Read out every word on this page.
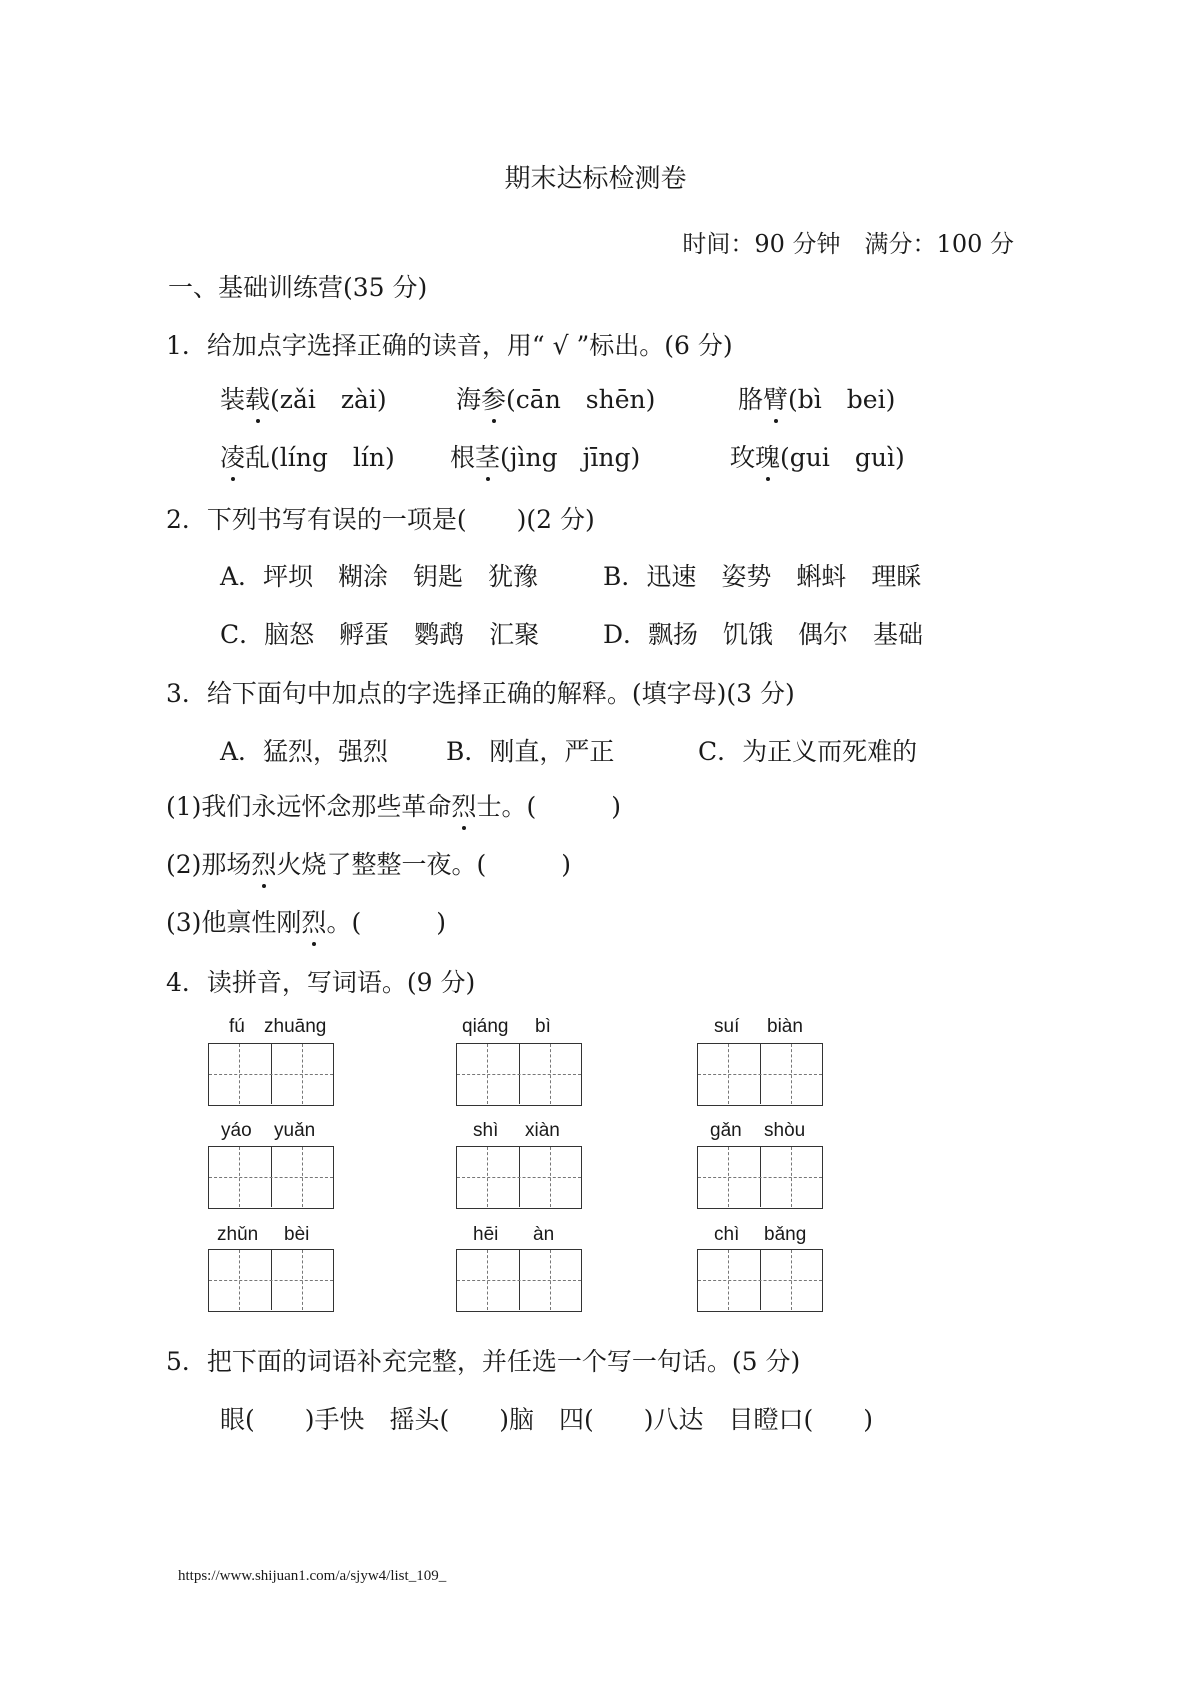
期末达标检测卷
时间：90 分钟　满分：100 分
一、基础训练营(35 分)
1．给加点字选择正确的读音，用“ √ ”标出。(6 分)
装载(zǎi　zài)	海参(cān　shēn)	胳臂(bì　bei)
凌乱(líng　lín) 根茎(jìng　jīng)	玫瑰(gui　guì)
2．下列书写有误的一项是(　　)(2 分)
A．坪坝　糊涂　钥匙　犹豫	B．迅速　姿势　蝌蚪　理睬
C．脑怒　孵蛋　鹦鹉　汇聚	D．飘扬　饥饿　偶尔　基础
3．给下面句中加点的字选择正确的解释。(填字母)(3 分)
A．猛烈，强烈 B．刚直，严正	C．为正义而死难的
(1)我们永远怀念那些革命烈士。(　　　)
(2)那场烈火烧了整整一夜。(　　　)
(3)他禀性刚烈。(　　　)
4．读拼音，写词语。(9 分)
fú zhuāng	qiáng bì	suí biàn
yáo yuǎn	shì xiàn	gǎn shòu
zhǔn bèi	hēi àn	chì bǎng
5．把下面的词语补充完整，并任选一个写一句话。(5 分)
眼(　　)手快　摇头(　　)脑　四(　　)八达　目瞪口(　　)
https://www.shijuan1.com/a/sjyw4/list_109_
